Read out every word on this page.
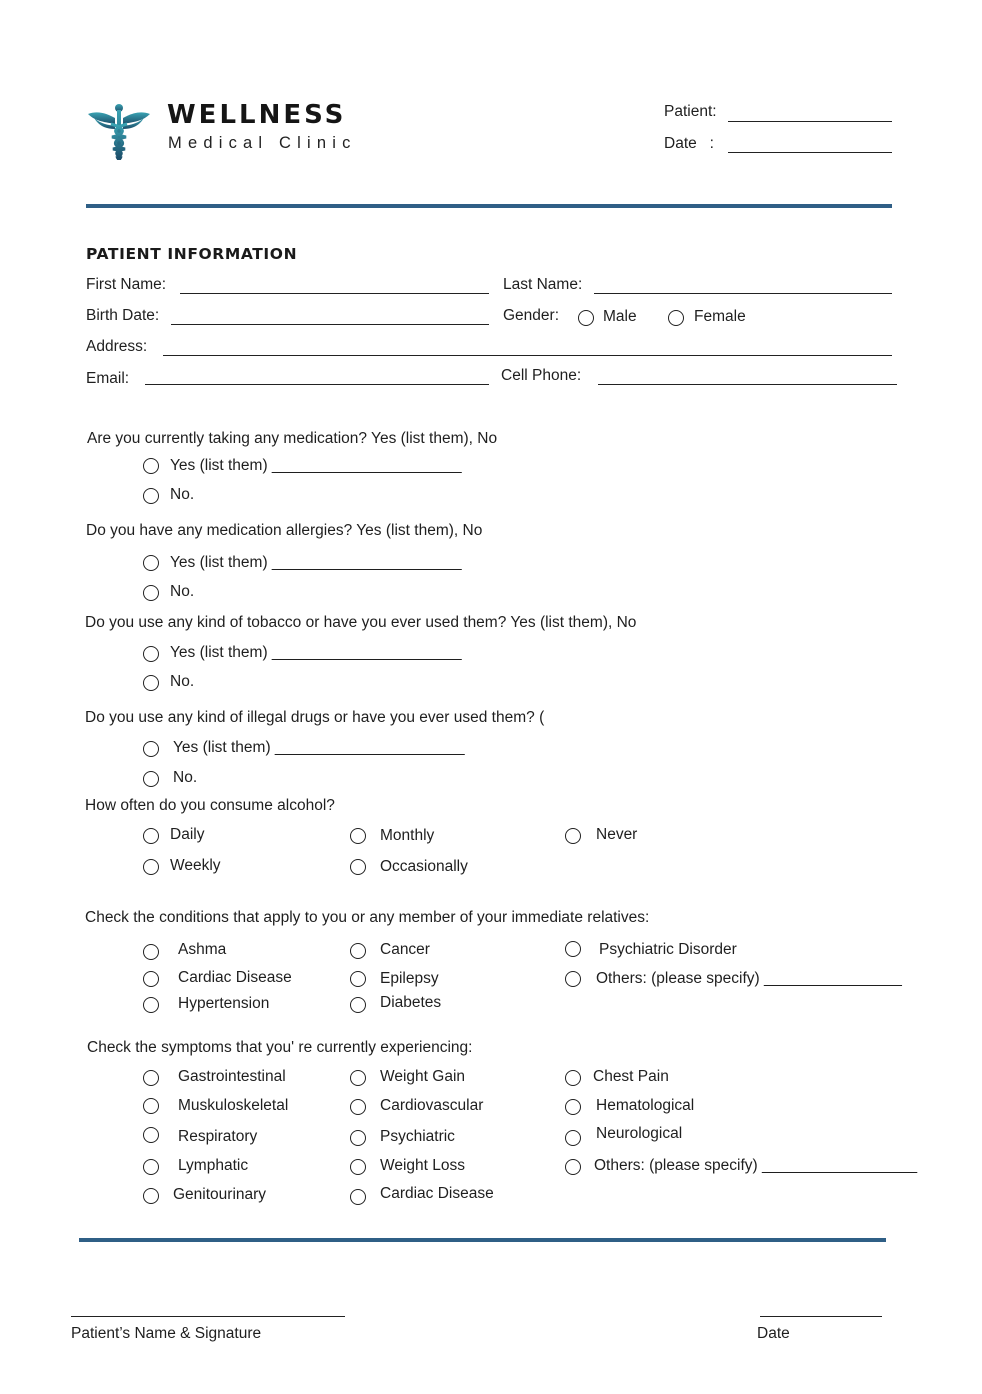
WELLNESS
Medical Clinic
Patient:
Date   :
PATIENT INFORMATION
First Name:	Last Name:
Birth Date:	Gender:	Male	Female
Address:
Email:	Cell Phone:
Are you currently taking any medication? Yes (list them), No
Yes (list them) ______________________
No.
Do you have any medication allergies? Yes (list them), No
Yes (list them) ______________________
No.
Do you use any kind of tobacco or have you ever used them? Yes (list them), No
Yes (list them) ______________________
No.
Do you use any kind of illegal drugs or have you ever used them? (
Yes (list them) ______________________
No.
How often do you consume alcohol?
Daily	Monthly	Never
Weekly	Occasionally
Check the conditions that apply to you or any member of your immediate relatives:
Ashma	Cancer	Psychiatric Disorder
Cardiac Disease	Epilepsy	Others: (please specify) ________________
Hypertension	Diabetes
Check the symptoms that you' re currently experiencing:
Gastrointestinal	Weight Gain	Chest Pain
Muskuloskeletal	Cardiovascular	Hematological
Respiratory	Psychiatric	Neurological
Lymphatic	Weight Loss	Others: (please specify) __________________
Genitourinary	Cardiac Disease
Patient’s Name & Signature	Date
